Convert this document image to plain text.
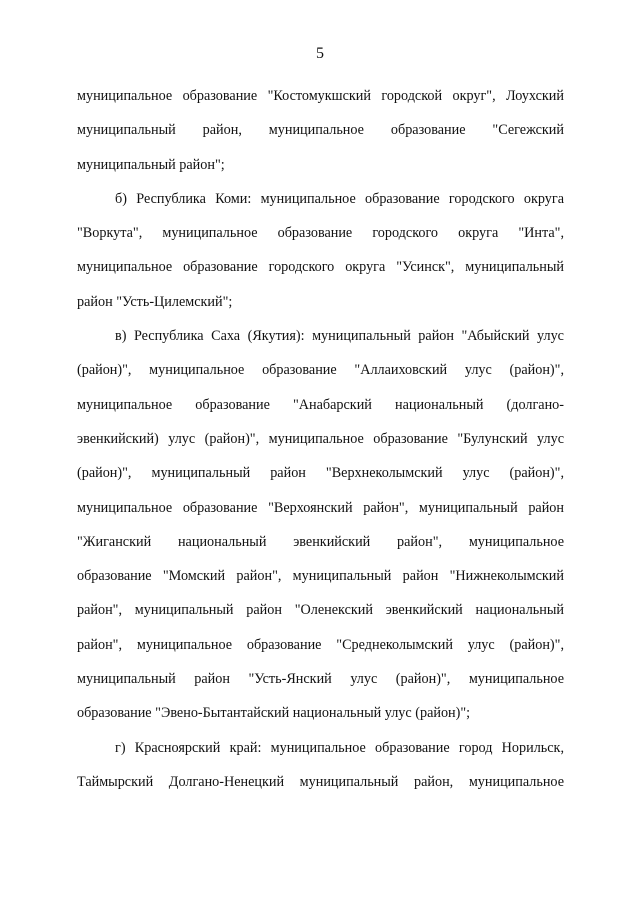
5
муниципальное образование "Костомукшский городской округ", Лоухский
муниципальный район, муниципальное образование "Сегежский
муниципальный район";
б) Республика Коми: муниципальное образование городского округа
"Воркута", муниципальное образование городского округа "Инта",
муниципальное образование городского округа "Усинск", муниципальный
район "Усть-Цилемский";
в) Республика Саха (Якутия): муниципальный район "Абыйский улус
(район)", муниципальное образование "Аллаиховский улус (район)",
муниципальное образование "Анабарский национальный (долгано-
эвенкийский) улус (район)", муниципальное образование "Булунский улус
(район)", муниципальный район "Верхнеколымский улус (район)",
муниципальное образование "Верхоянский район", муниципальный район
"Жиганский национальный эвенкийский район", муниципальное
образование "Момский район", муниципальный район "Нижнеколымский
район", муниципальный район "Оленекский эвенкийский национальный
район", муниципальное образование "Среднеколымский улус (район)",
муниципальный район "Усть-Янский улус (район)", муниципальное
образование "Эвено-Бытантайский национальный улус (район)";
г) Красноярский край: муниципальное образование город Норильск,
Таймырский Долгано-Ненецкий муниципальный район, муниципальное
